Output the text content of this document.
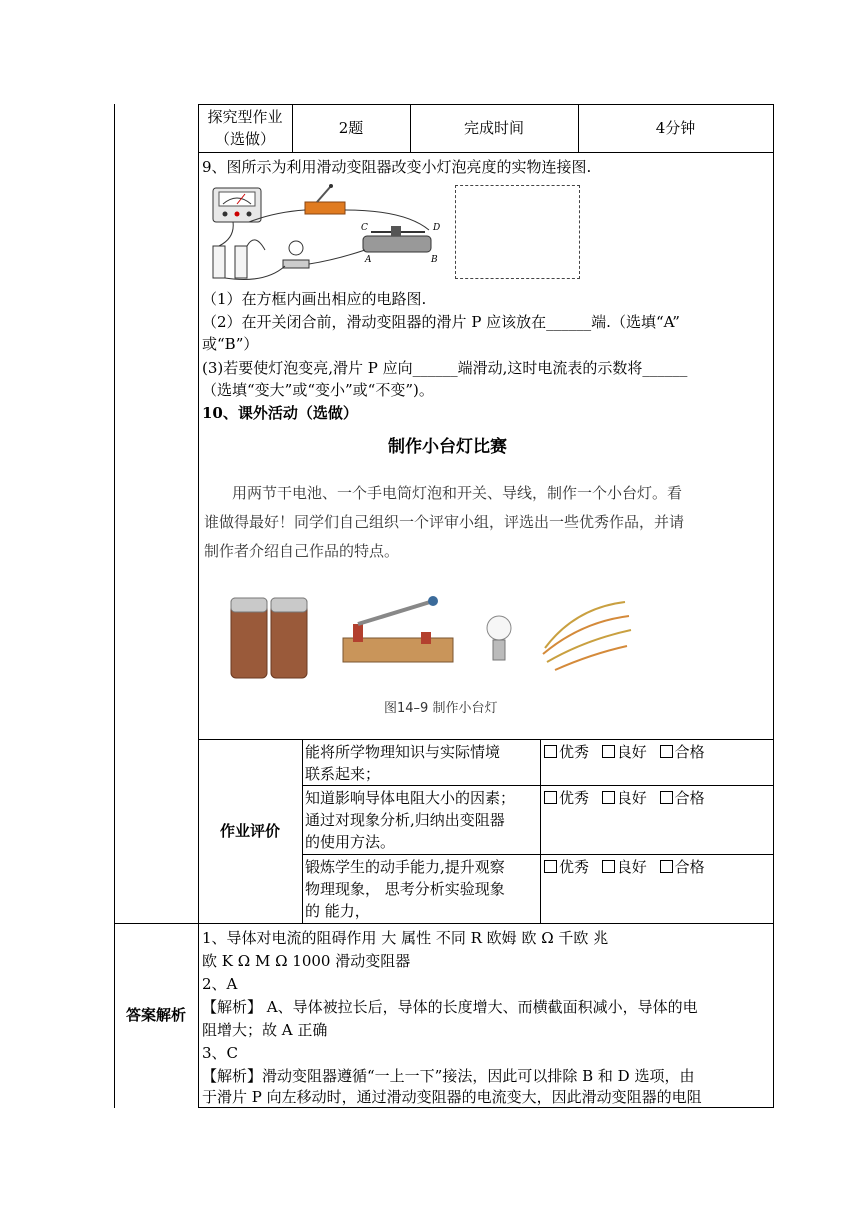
探究型作业
（选做）
2题	完成时间	4分钟
9、图所示为利用滑动变阻器改变小灯泡亮度的实物连接图.
C	D
A	B
（1）在方框内画出相应的电路图.
（2）在开关闭合前，滑动变阻器的滑片 P 应该放在______端.（选填“A”
或“B”）
(3)若要使灯泡变亮,滑片 P 应向______端滑动,这时电流表的示数将______
（选填“变大”或“变小”或“不变”)。
10、课外活动（选做）
制作小台灯比赛
用两节干电池、一个手电筒灯泡和开关、导线，制作一个小台灯。看
谁做得最好！同学们自己组织一个评审小组，评选出一些优秀作品，并请
制作者介绍自己作品的特点。
图14–9 制作小台灯
作业评价
能将所学物理知识与实际情境
联系起来；
优秀 良好 合格
知道影响导体电阻大小的因素；
通过对现象分析,归纳出变阻器
的使用方法。
优秀 良好 合格
锻炼学生的动手能力,提升观察
物理现象， 思考分析实验现象
的 能力，
优秀 良好 合格
答案解析
1、导体对电流的阻碍作用 大 属性 不同 R 欧姆 欧 Ω 千欧 兆
欧 K Ω M Ω 1000 滑动变阻器
2、A
【解析】 A、导体被拉长后，导体的长度增大、而横截面积减小，导体的电
阻增大；故 A 正确
3、C
【解析】滑动变阻器遵循“一上一下”接法，因此可以排除 B 和 D 选项，由
于滑片 P 向左移动时，通过滑动变阻器的电流变大，因此滑动变阻器的电阻
